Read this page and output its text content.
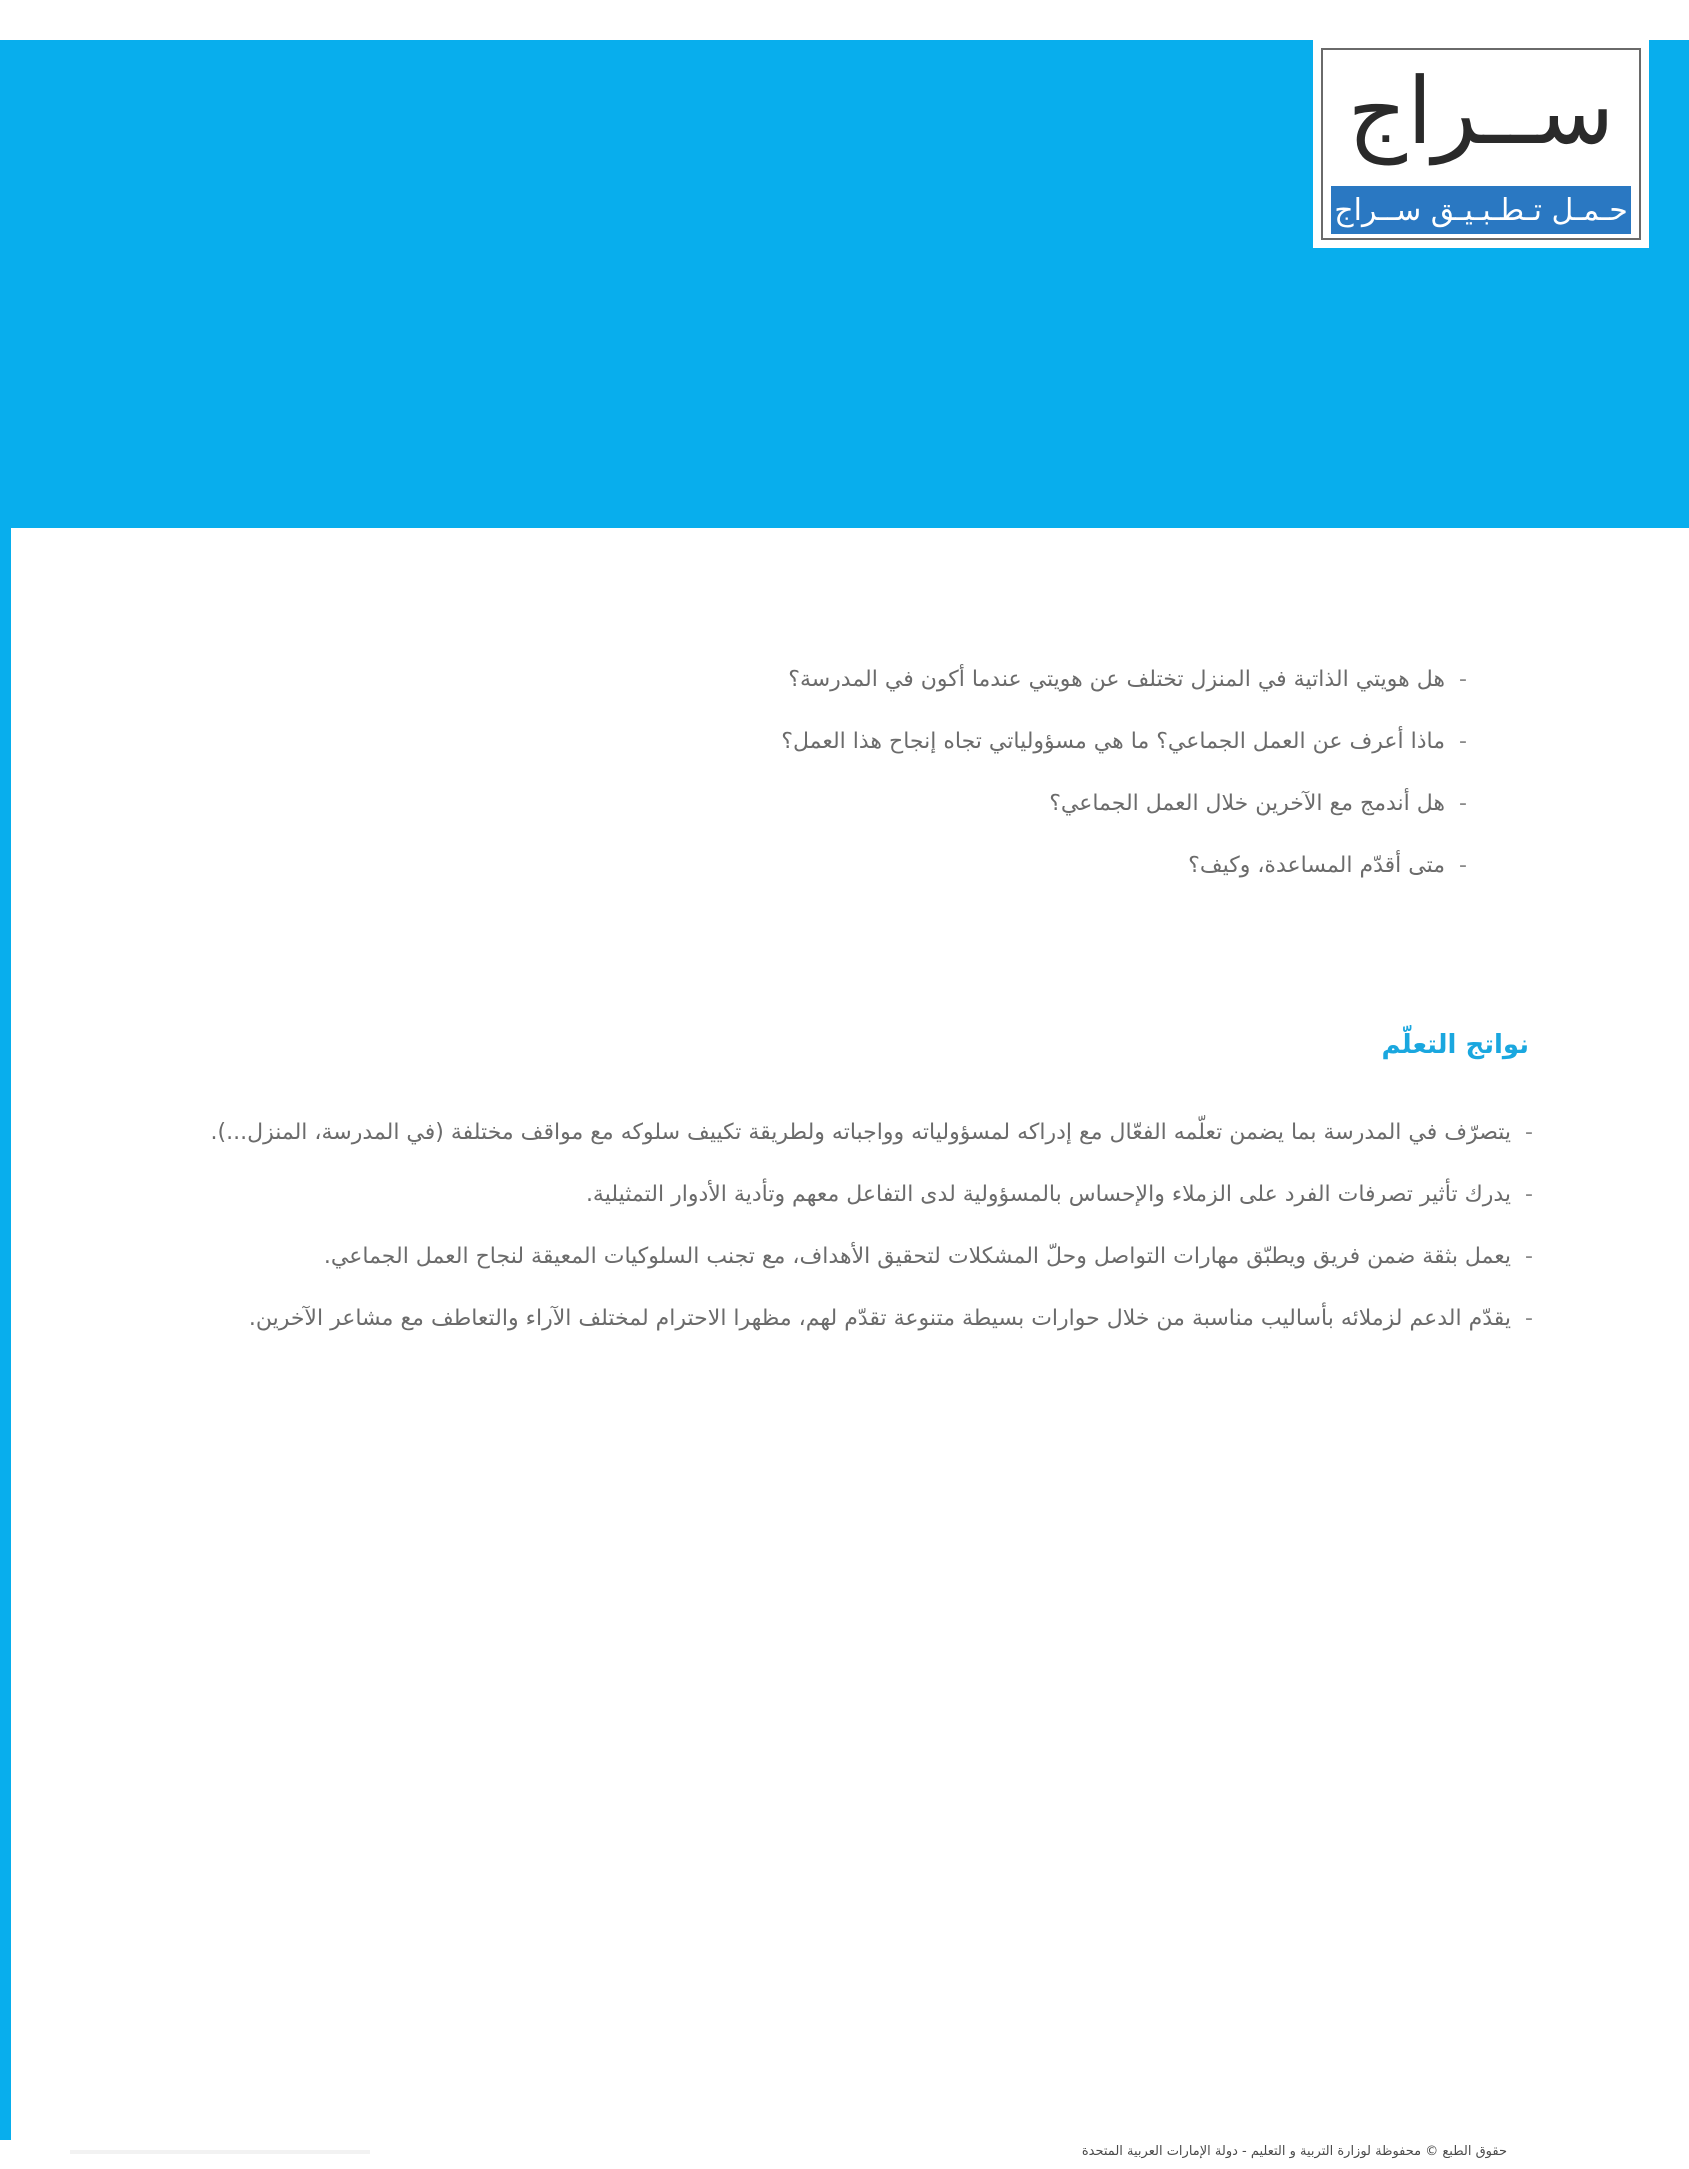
ســراج
حـمـل تـطـبـيـق ســراج
-هل هويتي الذاتية في المنزل تختلف عن هويتي عندما أكون في المدرسة؟
-ماذا أعرف عن العمل الجماعي؟ ما هي مسؤولياتي تجاه إنجاح هذا العمل؟
-هل أندمج مع الآخرين خلال العمل الجماعي؟
-متى أقدّم المساعدة، وكيف؟
نواتج التعلّم
-يتصرّف في المدرسة بما يضمن تعلّمه الفعّال مع إدراكه لمسؤولياته وواجباته ولطريقة تكييف سلوكه مع مواقف مختلفة (في المدرسة، المنزل...).
-يدرك تأثير تصرفات الفرد على الزملاء والإحساس بالمسؤولية لدى التفاعل معهم وتأدية الأدوار التمثيلية.
-يعمل بثقة ضمن فريق ويطبّق مهارات التواصل وحلّ المشكلات لتحقيق الأهداف، مع تجنب السلوكيات المعيقة لنجاح العمل الجماعي.
-يقدّم الدعم لزملائه بأساليب مناسبة من خلال حوارات بسيطة متنوعة تقدّم لهم، مظهرا الاحترام لمختلف الآراء والتعاطف مع مشاعر الآخرين.
حقوق الطبع © محفوظة لوزارة التربية و التعليم - دولة الإمارات العربية المتحدة
